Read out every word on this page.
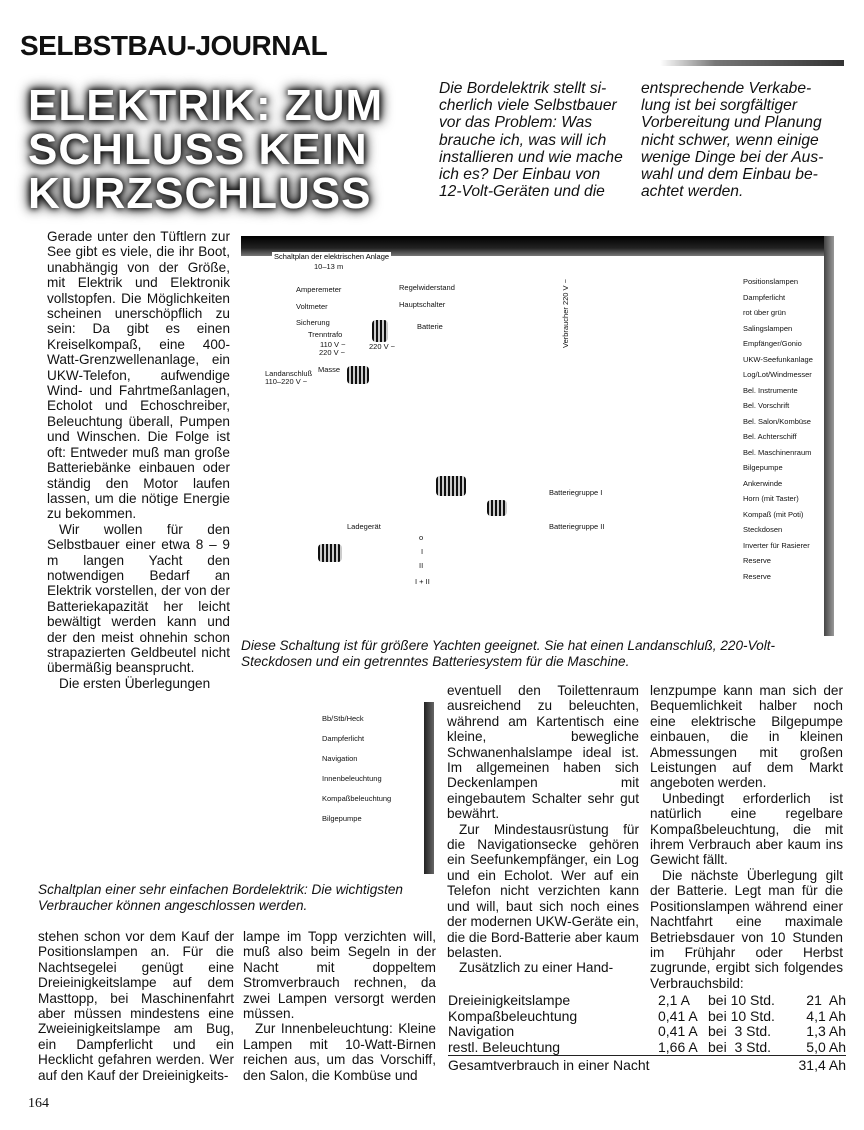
SELBSTBAU-JOURNAL
ELEKTRIK: ZUM
SCHLUSS KEIN
KURZSCHLUSS
Die Bordelektrik stellt si-
cherlich viele Selbstbauer
vor das Problem: Was
brauche ich, was will ich
installieren und wie mache
ich es? Der Einbau von
12-Volt-Geräten und die
entsprechende Verkabe-
lung ist bei sorgfältiger
Vorbereitung und Planung
nicht schwer, wenn einige
wenige Dinge bei der Aus-
wahl und dem Einbau be-
achtet werden.

Gerade unter den Tüftlern zur See gibt es viele, die ihr Boot, unabhängig von der Größe, mit Elektrik und Elektronik vollstopfen. Die Möglichkeiten scheinen unerschöpflich zu sein: Da gibt es einen Kreiselkompaß, eine 400-Watt-Grenzwellenanlage, ein UKW-Telefon, aufwendige Wind- und Fahrtmeßanlagen, Echolot und Echoschreiber, Beleuchtung überall, Pumpen und Winschen. Die Folge ist oft: Entweder muß man große Batteriebänke einbauen oder ständig den Motor laufen lassen, um die nötige Energie zu bekommen.

Wir wollen für den Selbstbauer einer etwa 8 – 9 m langen Yacht den notwendigen Bedarf an Elektrik vorstellen, der von der Batteriekapazität her leicht bewältigt werden kann und der den meist ohnehin schon strapazierten Geldbeutel nicht übermäßig beansprucht.

Die ersten Überlegungen

Schaltplan der elektrischen Anlage
10–13 m
Amperemeter
Voltmeter
Sicherung
Trenntrafo
110 V ~
220 V ~
Masse
Landanschluß
110–220 V ~
Regelwiderstand
Hauptschalter
Batterie
220 V ~	Verbraucher 220 V ~
Batteriegruppe I
Batteriegruppe II
Ladegerät
o
I
II
I + II
Positionslampen
Dampferlicht
rot über grün
Salingslampen
Empfänger/Gonio
UKW-Seefunkanlage
Log/Lot/Windmesser
Bel. Instrumente
Bel. Vorschrift
Bel. Salon/Kombüse
Bel. Achterschiff
Bel. Maschinenraum
Bilgepumpe
Ankerwinde
Horn (mit Taster)
Kompaß (mit Poti)
Steckdosen
Inverter für Rasierer
Reserve
Reserve
Diese Schaltung ist für größere Yachten geeignet. Sie hat einen Landanschluß, 220-Volt-Steckdosen und ein getrenntes Batteriesystem für die Maschine.
Bb/Stb/Heck
Dampferlicht
Navigation
Innenbeleuchtung
Kompaßbeleuchtung
Bilgepumpe
Schaltplan einer sehr einfachen Bordelektrik: Die wichtigsten Verbraucher können angeschlossen werden.

eventuell den Toilettenraum ausreichend zu beleuchten, während am Kartentisch eine kleine, bewegliche Schwanenhalslampe ideal ist. Im allgemeinen haben sich Deckenlampen mit eingebautem Schalter sehr gut bewährt.

Zur Mindestausrüstung für die Navigationsecke gehören ein Seefunkempfänger, ein Log und ein Echolot. Wer auf ein Telefon nicht verzichten kann und will, baut sich noch eines der modernen UKW-Geräte ein, die die Bord-Batterie aber kaum belasten.

Zusätzlich zu einer Hand-

lenzpumpe kann man sich der Bequemlichkeit halber noch eine elektrische Bilgepumpe einbauen, die in kleinen Abmessungen mit großen Leistungen auf dem Markt angeboten werden.

Unbedingt erforderlich ist natürlich eine regelbare Kompaßbeleuchtung, die mit ihrem Verbrauch aber kaum ins Gewicht fällt.

Die nächste Überlegung gilt der Batterie. Legt man für die Positionslampen während einer Nachtfahrt eine maximale Betriebsdauer von 10 Stunden im Frühjahr oder Herbst zugrunde, ergibt sich folgendes Verbrauchsbild:

stehen schon vor dem Kauf der Positionslampen an. Für die Nachtsegelei genügt eine Dreieinigkeitslampe auf dem Masttopp, bei Maschinenfahrt aber müssen mindestens eine Zweieinigkeitslampe am Bug, ein Dampferlicht und ein Hecklicht gefahren werden. Wer auf den Kauf der Dreieinigkeits-

lampe im Topp verzichten will, muß also beim Segeln in der Nacht mit doppeltem Stromverbrauch rechnen, da zwei Lampen versorgt werden müssen.

Zur Innenbeleuchtung: Kleine Lampen mit 10-Watt-Birnen reichen aus, um das Vorschiff, den Salon, die Kombüse und

Dreieinigkeitslampe	2,1 A	bei 10 Std.	21  Ah
Kompaßbeleuchtung	0,41 A	bei 10 Std.	4,1 Ah
Navigation	0,41 A	bei  3 Std.	1,3 Ah
restl. Beleuchtung	1,66 A	bei  3 Std.	5,0 Ah
Gesamtverbrauch in einer Nacht			31,4 Ah
164
